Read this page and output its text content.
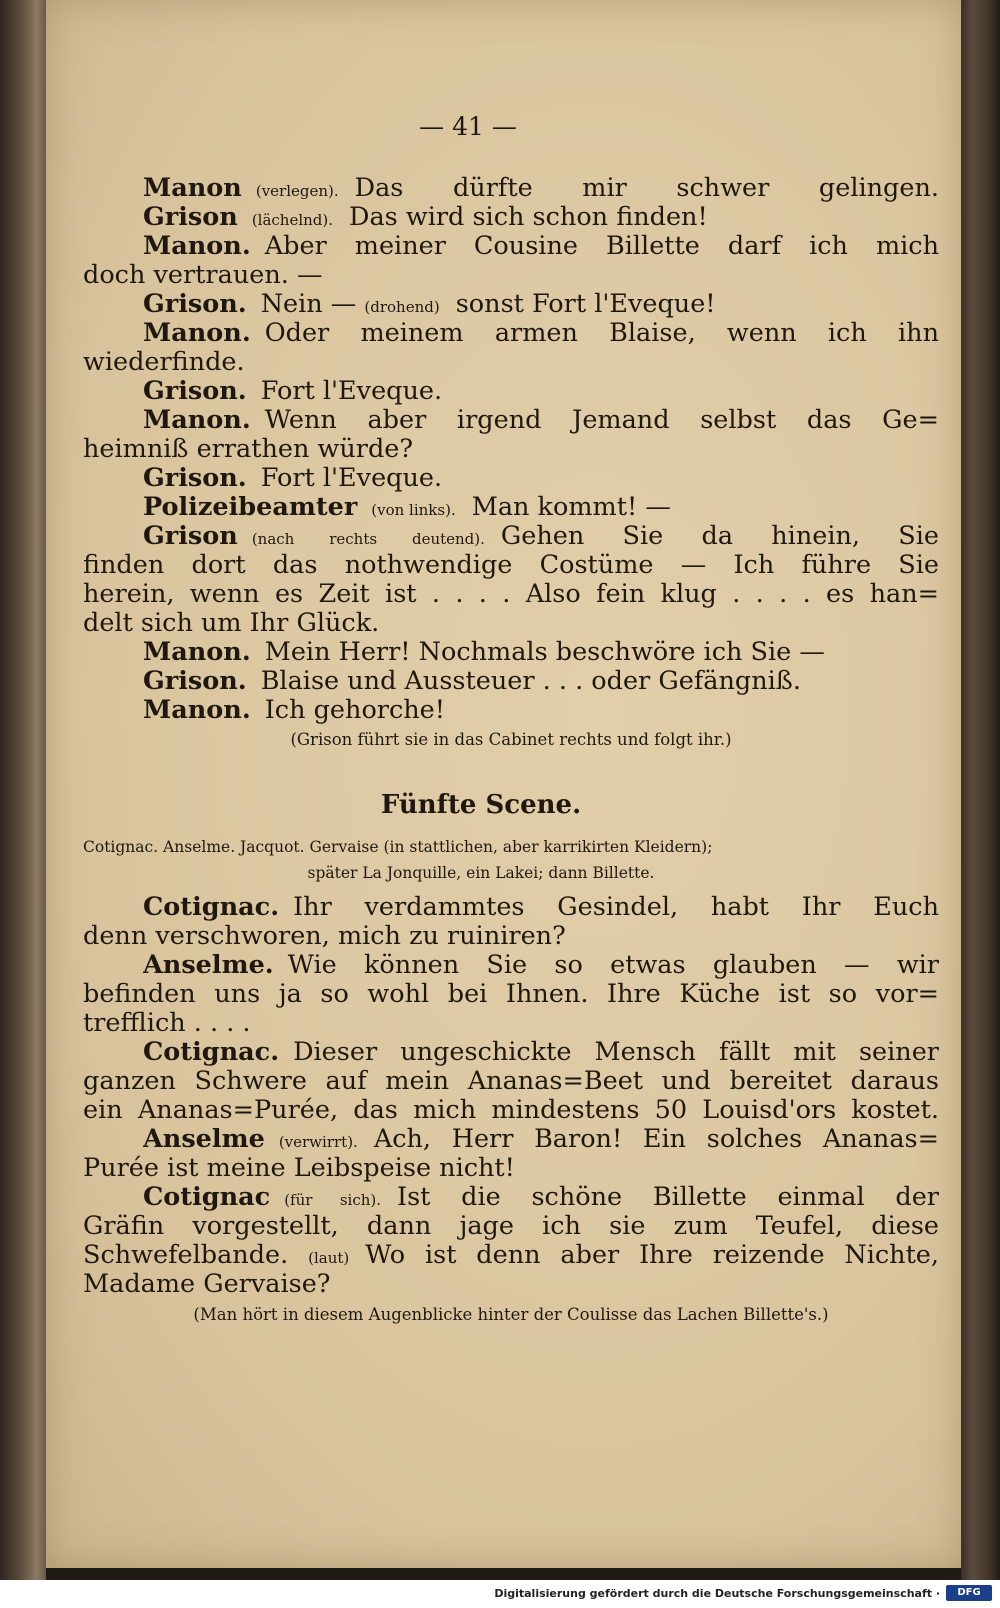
— 41 —
Manon (verlegen). Das dürfte mir schwer gelingen.
Grison (lächelnd). Das wird sich schon finden!
Manon. Aber meiner Cousine Billette darf ich mich
doch vertrauen. —
Grison. Nein — (drohend) sonst Fort l'Eveque!
Manon. Oder meinem armen Blaise, wenn ich ihn
wiederfinde.
Grison. Fort l'Eveque.
Manon. Wenn aber irgend Jemand selbst das Ge=
heimniß errathen würde?
Grison. Fort l'Eveque.
Polizeibeamter (von links). Man kommt! —
Grison (nach rechts deutend). Gehen Sie da hinein, Sie
finden dort das nothwendige Costüme — Ich führe Sie
herein, wenn es Zeit ist . . . . Also fein klug . . . . es han=
delt sich um Ihr Glück.
Manon. Mein Herr! Nochmals beschwöre ich Sie —
Grison. Blaise und Aussteuer . . . oder Gefängniß.
Manon. Ich gehorche!
(Grison führt sie in das Cabinet rechts und folgt ihr.)
Fünfte Scene.
Cotignac. Anselme. Jacquot. Gervaise (in stattlichen, aber karrikirten Kleidern);
später La Jonquille, ein Lakei; dann Billette.
Cotignac. Ihr verdammtes Gesindel, habt Ihr Euch
denn verschworen, mich zu ruiniren?
Anselme. Wie können Sie so etwas glauben — wir
befinden uns ja so wohl bei Ihnen. Ihre Küche ist so vor=
trefflich . . . .
Cotignac. Dieser ungeschickte Mensch fällt mit seiner
ganzen Schwere auf mein Ananas=Beet und bereitet daraus
ein Ananas=Purée, das mich mindestens 50 Louisd'ors kostet.
Anselme (verwirrt). Ach, Herr Baron! Ein solches Ananas=
Purée ist meine Leibspeise nicht!
Cotignac (für sich). Ist die schöne Billette einmal der
Gräfin vorgestellt, dann jage ich sie zum Teufel, diese
Schwefelbande. (laut) Wo ist denn aber Ihre reizende Nichte,
Madame Gervaise?
(Man hört in diesem Augenblicke hinter der Coulisse das Lachen Billette's.)
Digitalisierung gefördert durch die Deutsche Forschungsgemeinschaft ·	DFG
